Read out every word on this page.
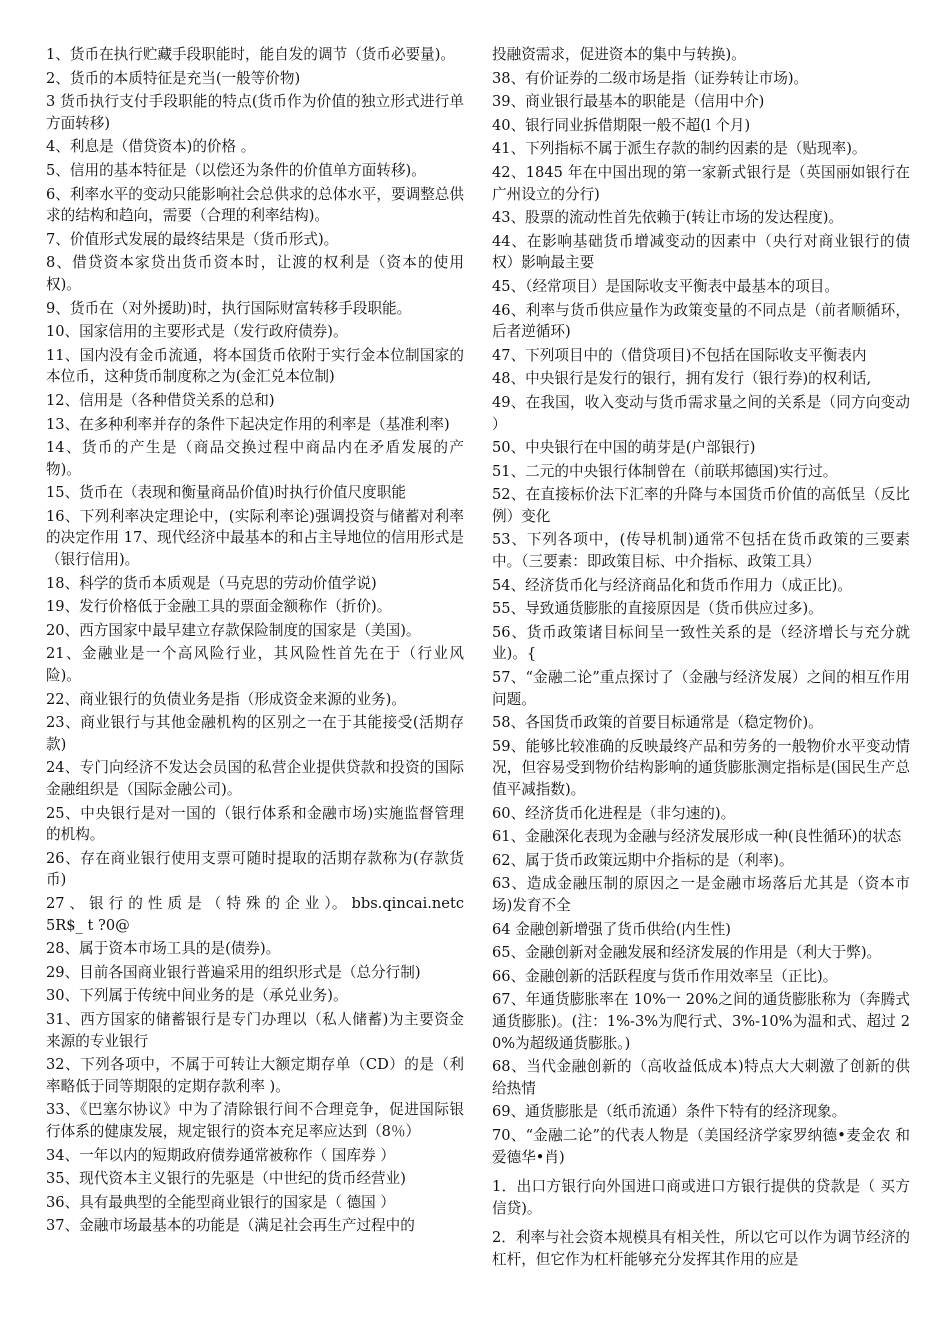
1、货币在执行贮藏手段职能时，能自发的调节（货币必要量)。
2、货币的本质特征是充当(一般等价物)
3 货币执行支付手段职能的特点(货币作为价值的独立形式进行单方面转移)
4、利息是（借贷资本)的价格 。
5、信用的基本特征是（以偿还为条件的价值单方面转移)。
6、利率水平的变动只能影响社会总供求的总体水平，要调整总供求的结构和趋向，需要（合理的利率结构)。
7、价值形式发展的最终结果是（货币形式)。
8、借贷资本家贷出货币资本时，让渡的权利是（资本的使用权)。
9、货币在（对外援助)时，执行国际财富转移手段职能。
10、国家信用的主要形式是（发行政府债券)。
11、国内没有金币流通，将本国货币依附于实行金本位制国家的本位币，这种货币制度称之为(金汇兑本位制)
12、信用是（各种借贷关系的总和)
13、在多种利率并存的条件下起决定作用的利率是（基准利率)
14、货币的产生是（商品交换过程中商品内在矛盾发展的产物)。
15、货币在（表现和衡量商品价值)时执行价值尺度职能
16、下列利率决定理论中，(实际利率论)强调投资与储蓄对利率的决定作用 17、现代经济中最基本的和占主导地位的信用形式是（银行信用)。
18、科学的货币本质观是（马克思的劳动价值学说)
19、发行价格低于金融工具的票面金额称作（折价)。
20、西方国家中最早建立存款保险制度的国家是（美国)。
21、金融业是一个高风险行业，其风险性首先在于（行业风险)。
22、商业银行的负债业务是指（形成资金来源的业务)。
23、商业银行与其他金融机构的区别之一在于其能接受(活期存款)
24、专门向经济不发达会员国的私营企业提供贷款和投资的国际金融组织是（国际金融公司)。
25、中央银行是对一国的（银行体系和金融市场)实施监督管理的机构。
26、存在商业银行使用支票可随时提取的活期存款称为(存款货币)
27 、 银 行 的 性 质 是 （ 特 殊 的 企 业 ）。 bbs.qincai.netc5R$_ t ?0@
28、属于资本市场工具的是(债券)。
29、目前各国商业银行普遍采用的组织形式是（总分行制)
30、下列属于传统中间业务的是（承兑业务)。
31、西方国家的储蓄银行是专门办理以（私人储蓄)为主要资金来源的专业银行
32、下列各项中，不属于可转让大额定期存单（CD）的是（利率略低于同等期限的定期存款利率 )。
33、《巴塞尔协议》中为了清除银行间不合理竞争，促进国际银行体系的健康发展，规定银行的资本充足率应达到（8％）
34、一年以内的短期政府债券通常被称作（ 国库券 ）
35、现代资本主义银行的先驱是（中世纪的货币经营业)
36、具有最典型的全能型商业银行的国家是（ 德国 ）
37、金融市场最基本的功能是（满足社会再生产过程中的
投融资需求，促进资本的集中与转换)。
38、有价证券的二级市场是指（证券转让市场)。
39、商业银行最基本的职能是（信用中介)
40、银行同业拆借期限一般不超(l 个月)
41、下列指标不属于派生存款的制约因素的是（贴现率)。
42、1845 年在中国出现的第一家新式银行是（英国丽如银行在广州设立的分行)
43、股票的流动性首先依赖于(转让市场的发达程度)。
44、在影响基础货币增减变动的因素中（央行对商业银行的债权）影响最主要
45、（经常项目）是国际收支平衡表中最基本的项目。
46、利率与货币供应量作为政策变量的不同点是（前者顺循环，后者逆循环)
47、下列项目中的（借贷项目)不包括在国际收支平衡表内
48、中央银行是发行的银行，拥有发行（银行券)的权利话,
49、在我国，收入变动与货币需求量之间的关系是（同方向变动 ）
50、中央银行在中国的萌芽是(户部银行)
51、二元的中央银行体制曾在（前联邦德国)实行过。
52、在直接标价法下汇率的升降与本国货币价值的高低呈（反比例）变化
53、下列各项中，(传导机制)通常不包括在货币政策的三要素中。（三要素：即政策目标、中介指标、政策工具）
54、经济货币化与经济商品化和货币作用力（成正比)。
55、导致通货膨胀的直接原因是（货币供应过多)。
56、货币政策诸目标间呈一致性关系的是（经济增长与充分就业)。{
57、“金融二论”重点探讨了（金融与经济发展）之间的相互作用问题。
58、各国货币政策的首要目标通常是（稳定物价)。
59、能够比较准确的反映最终产品和劳务的一般物价水平变动情况，但容易受到物价结构影响的通货膨胀测定指标是(国民生产总值平减指数)。
60、经济货币化进程是（非匀速的)。
61、金融深化表现为金融与经济发展形成一种(良性循环)的状态
62、属于货币政策远期中介指标的是（利率)。
63、造成金融压制的原因之一是金融市场落后尤其是（资本市场)发育不全
64 金融创新增强了货币供给(内生性)
65、金融创新对金融发展和经济发展的作用是（利大于弊)。
66、金融创新的活跃程度与货币作用效率呈（正比)。
67、年通货膨胀率在 10%一 20%之间的通货膨胀称为（奔腾式通货膨胀)。(注：1%-3%为爬行式、3%-10%为温和式、超过 20%为超级通货膨胀。)
68、当代金融创新的（高收益低成本)特点大大刺激了创新的供给热情
69、通货膨胀是（纸币流通）条件下特有的经济现象。
70、“金融二论”的代表人物是（美国经济学家罗纳德•麦金农 和爱德华•肖)
1．出口方银行向外国进口商或进口方银行提供的贷款是（ 买方信贷)。
2．利率与社会资本规模具有相关性，所以它可以作为调节经济的杠杆，但它作为杠杆能够充分发挥其作用的应是
